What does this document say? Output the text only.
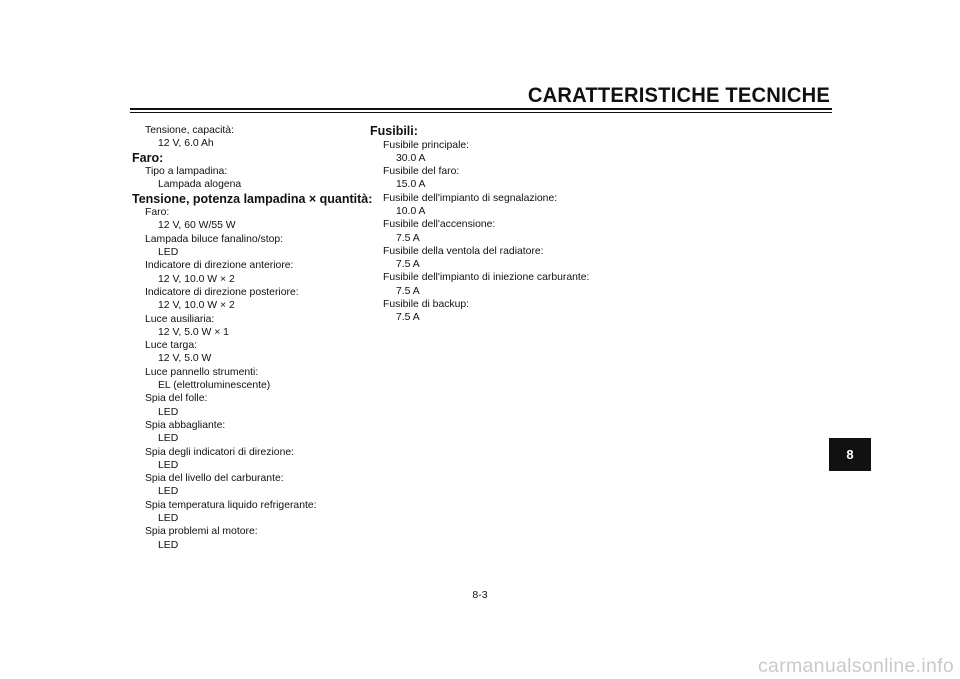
CARATTERISTICHE TECNICHE
Tensione, capacità:
12 V, 6.0 Ah
Faro:
Tipo a lampadina:
Lampada alogena
Tensione, potenza lampadina × quantità:
Faro:
12 V, 60 W/55 W
Lampada biluce fanalino/stop:
LED
Indicatore di direzione anteriore:
12 V, 10.0 W × 2
Indicatore di direzione posteriore:
12 V, 10.0 W × 2
Luce ausiliaria:
12 V, 5.0 W × 1
Luce targa:
12 V, 5.0 W
Luce pannello strumenti:
EL (elettroluminescente)
Spia del folle:
LED
Spia abbagliante:
LED
Spia degli indicatori di direzione:
LED
Spia del livello del carburante:
LED
Spia temperatura liquido refrigerante:
LED
Spia problemi al motore:
LED
Fusibili:
Fusibile principale:
30.0 A
Fusibile del faro:
15.0 A
Fusibile dell'impianto di segnalazione:
10.0 A
Fusibile dell'accensione:
7.5 A
Fusibile della ventola del radiatore:
7.5 A
Fusibile dell'impianto di iniezione carburante:
7.5 A
Fusibile di backup:
7.5 A
8
8-3
carmanualsonline.info
